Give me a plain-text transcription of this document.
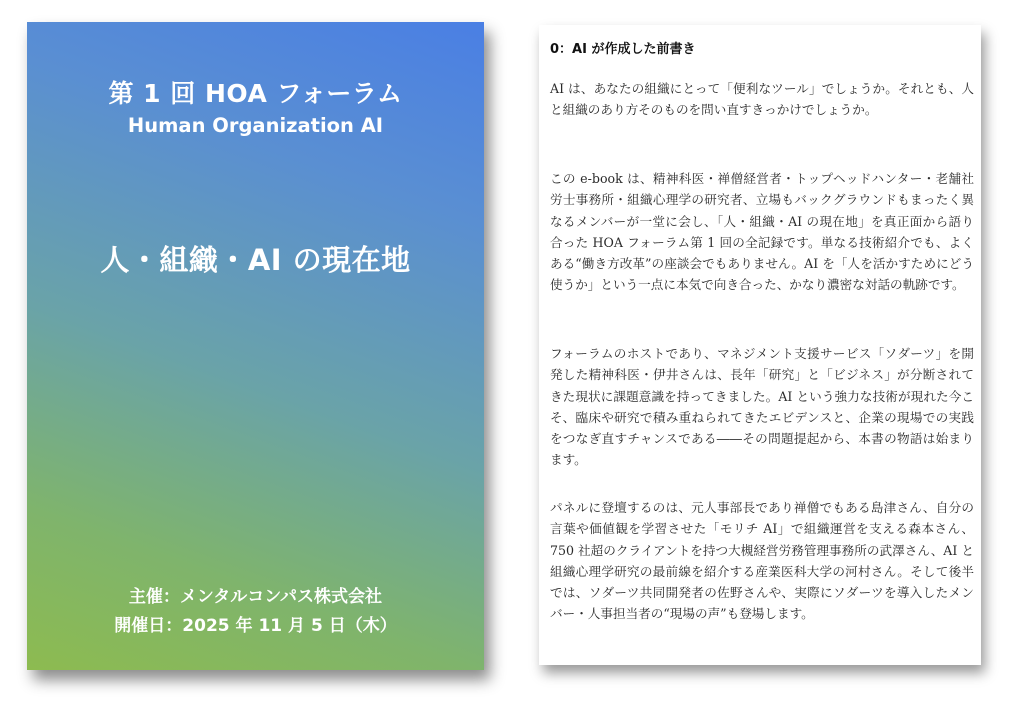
第 1 回 HOA フォーラム
Human Organization AI
人・組織・AI の現在地
主催：メンタルコンパス株式会社
開催日：2025 年 11 月 5 日（木）
0：AI が作成した前書き
AI は、あなたの組織にとって「便利なツール」でしょうか。それとも、人と組織のあり方そのものを問い直すきっかけでしょうか。
この e-book は、精神科医・禅僧経営者・トップヘッドハンター・老舗社労士事務所・組織心理学の研究者、立場もバックグラウンドもまったく異なるメンバーが一堂に会し、「人・組織・AI の現在地」を真正面から語り合った HOA フォーラム第 1 回の全記録です。単なる技術紹介でも、よくある“働き方改革”の座談会でもありません。AI を「人を活かすためにどう使うか」という一点に本気で向き合った、かなり濃密な対話の軌跡です。
フォーラムのホストであり、マネジメント支援サービス「ソダーツ」を開発した精神科医・伊井さんは、長年「研究」と「ビジネス」が分断されてきた現状に課題意識を持ってきました。AI という強力な技術が現れた今こそ、臨床や研究で積み重ねられてきたエビデンスと、企業の現場での実践をつなぎ直すチャンスである――その問題提起から、本書の物語は始まります。
パネルに登壇するのは、元人事部長であり禅僧でもある島津さん、自分の言葉や価値観を学習させた「モリチ AI」で組織運営を支える森本さん、750 社超のクライアントを持つ大槻経営労務管理事務所の武澤さん、AI と組織心理学研究の最前線を紹介する産業医科大学の河村さん。そして後半では、ソダーツ共同開発者の佐野さんや、実際にソダーツを導入したメンバー・人事担当者の“現場の声”も登場します。
